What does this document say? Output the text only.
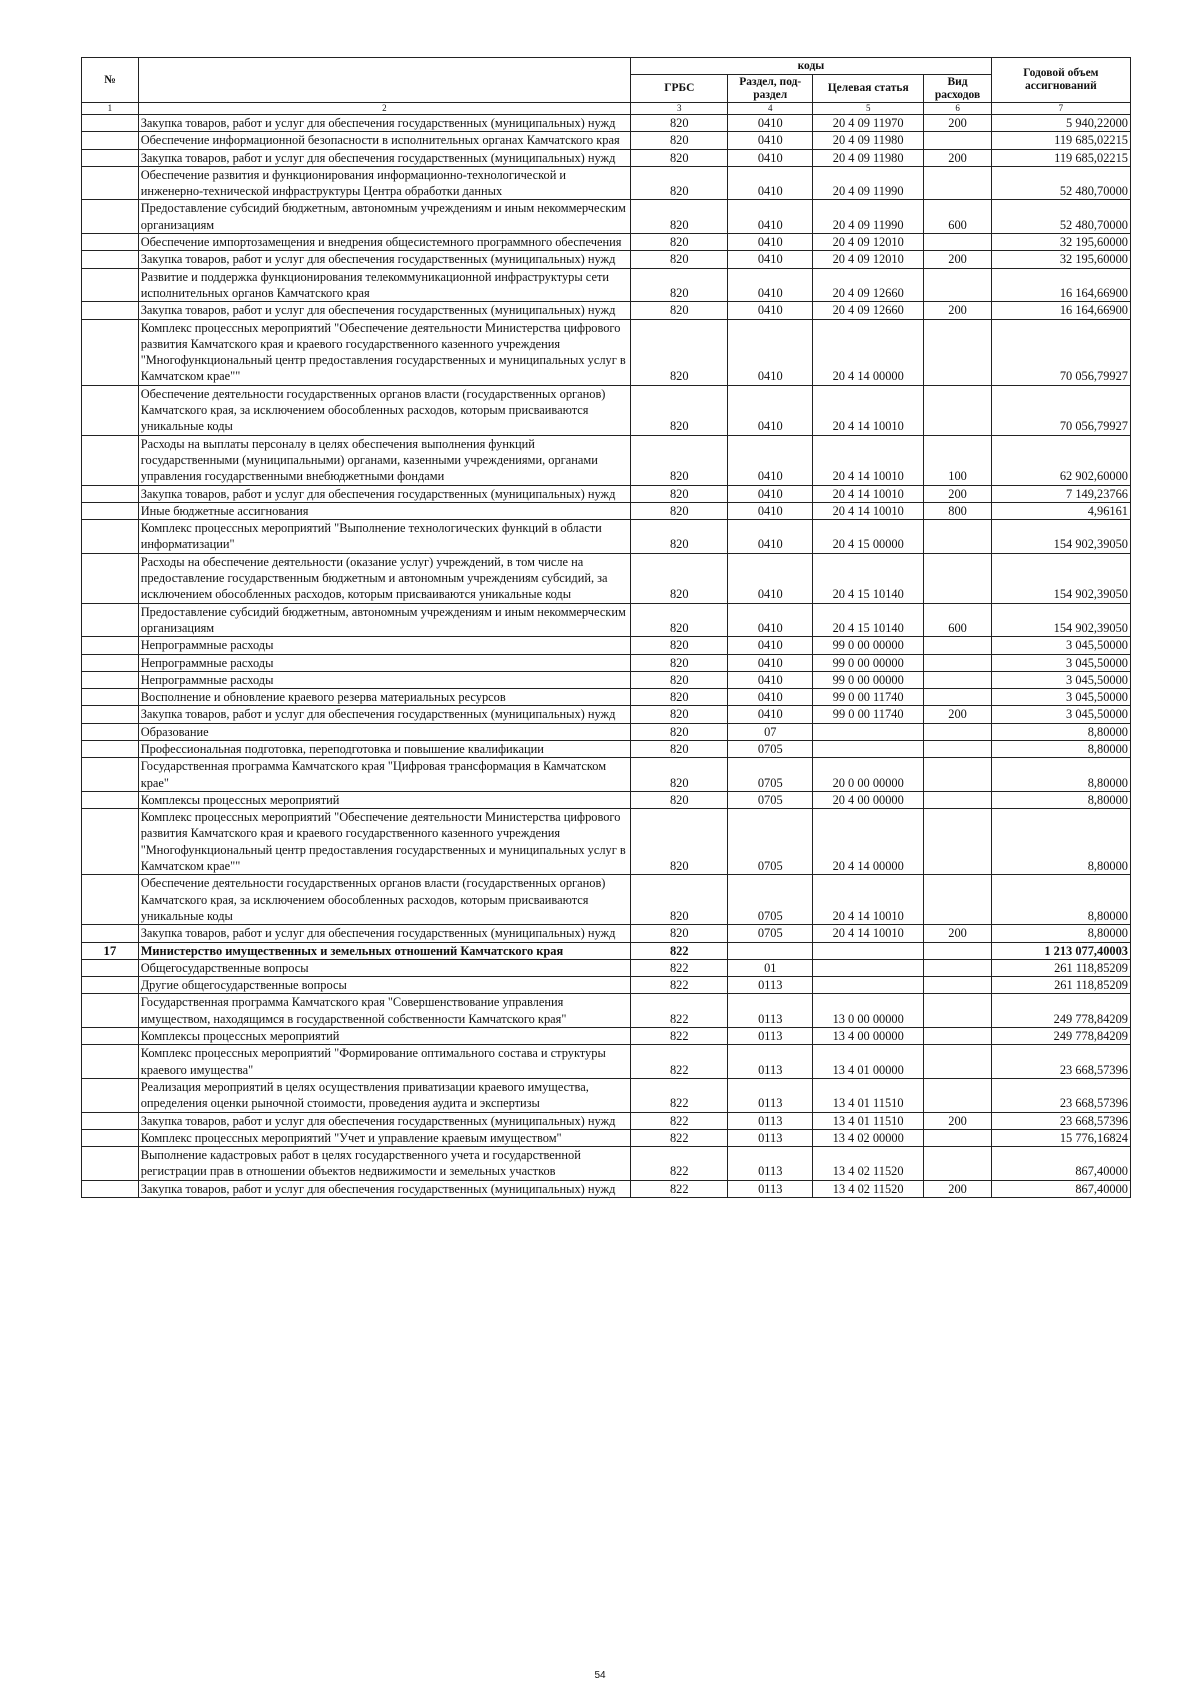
№		коды				Годовой объем ассигнований
		ГРБС	Раздел, под-раздел	Целевая статья	Вид расходов	
1	2	3	4	5	6	7
	Закупка товаров, работ и услуг для обеспечения государственных (муниципальных) нужд	820	0410	20 4 09 11970	200	5 940,22000
	Обеспечение информационной безопасности в исполнительных органах Камчатского края	820	0410	20 4 09 11980		119 685,02215
	Закупка товаров, работ и услуг для обеспечения государственных (муниципальных) нужд	820	0410	20 4 09 11980	200	119 685,02215
	Обеспечение развития и функционирования информационно-технологической и инженерно-технической инфраструктуры Центра обработки данных	820	0410	20 4 09 11990		52 480,70000
	Предоставление субсидий бюджетным, автономным учреждениям и иным некоммерческим организациям	820	0410	20 4 09 11990	600	52 480,70000
	Обеспечение импортозамещения и внедрения общесистемного программного обеспечения	820	0410	20 4 09 12010		32 195,60000
	Закупка товаров, работ и услуг для обеспечения государственных (муниципальных) нужд	820	0410	20 4 09 12010	200	32 195,60000
	Развитие и поддержка функционирования телекоммуникационной инфраструктуры сети исполнительных органов Камчатского края	820	0410	20 4 09 12660		16 164,66900
	Закупка товаров, работ и услуг для обеспечения государственных (муниципальных) нужд	820	0410	20 4 09 12660	200	16 164,66900
	Комплекс процессных мероприятий "Обеспечение деятельности Министерства цифрового развития Камчатского края и краевого государственного казенного учреждения "Многофункциональный центр предоставления государственных и муниципальных услуг в Камчатском крае""	820	0410	20 4 14 00000		70 056,79927
	Обеспечение деятельности государственных органов власти (государственных органов) Камчатского края, за исключением обособленных расходов, которым присваиваются уникальные коды	820	0410	20 4 14 10010		70 056,79927
	Расходы на выплаты персоналу в целях обеспечения выполнения функций государственными (муниципальными) органами, казенными учреждениями, органами управления государственными внебюджетными фондами	820	0410	20 4 14 10010	100	62 902,60000
	Закупка товаров, работ и услуг для обеспечения государственных (муниципальных) нужд	820	0410	20 4 14 10010	200	7 149,23766
	Иные бюджетные ассигнования	820	0410	20 4 14 10010	800	4,96161
	Комплекс процессных мероприятий "Выполнение технологических функций в области информатизации"	820	0410	20 4 15 00000		154 902,39050
	Расходы на обеспечение деятельности (оказание услуг) учреждений, в том числе на предоставление государственным бюджетным и автономным учреждениям субсидий, за исключением обособленных расходов, которым присваиваются уникальные коды	820	0410	20 4 15 10140		154 902,39050
	Предоставление субсидий бюджетным, автономным учреждениям и иным некоммерческим организациям	820	0410	20 4 15 10140	600	154 902,39050
	Непрограммные расходы	820	0410	99 0 00 00000		3 045,50000
	Непрограммные расходы	820	0410	99 0 00 00000		3 045,50000
	Непрограммные расходы	820	0410	99 0 00 00000		3 045,50000
	Восполнение и обновление краевого резерва материальных ресурсов	820	0410	99 0 00 11740		3 045,50000
	Закупка товаров, работ и услуг для обеспечения государственных (муниципальных) нужд	820	0410	99 0 00 11740	200	3 045,50000
	Образование	820	07			8,80000
	Профессиональная подготовка, переподготовка и повышение квалификации	820	0705			8,80000
	Государственная программа Камчатского края "Цифровая трансформация в Камчатском крае"	820	0705	20 0 00 00000		8,80000
	Комплексы процессных мероприятий	820	0705	20 4 00 00000		8,80000
	Комплекс процессных мероприятий "Обеспечение деятельности Министерства цифрового развития Камчатского края и краевого государственного казенного учреждения "Многофункциональный центр предоставления государственных и муниципальных услуг в Камчатском крае""	820	0705	20 4 14 00000		8,80000
	Обеспечение деятельности государственных органов власти (государственных органов) Камчатского края, за исключением обособленных расходов, которым присваиваются уникальные коды	820	0705	20 4 14 10010		8,80000
	Закупка товаров, работ и услуг для обеспечения государственных (муниципальных) нужд	820	0705	20 4 14 10010	200	8,80000
17	Министерство имущественных и земельных отношений Камчатского края	822				1 213 077,40003
	Общегосударственные вопросы	822	01			261 118,85209
	Другие общегосударственные вопросы	822	0113			261 118,85209
	Государственная программа Камчатского края "Совершенствование управления имуществом, находящимся в государственной собственности Камчатского края"	822	0113	13 0 00 00000		249 778,84209
	Комплексы процессных мероприятий	822	0113	13 4 00 00000		249 778,84209
	Комплекс процессных мероприятий "Формирование оптимального состава и структуры краевого имущества"	822	0113	13 4 01 00000		23 668,57396
	Реализация мероприятий в целях осуществления приватизации краевого имущества, определения оценки рыночной стоимости, проведения аудита и экспертизы	822	0113	13 4 01 11510		23 668,57396
	Закупка товаров, работ и услуг для обеспечения государственных (муниципальных) нужд	822	0113	13 4 01 11510	200	23 668,57396
	Комплекс процессных мероприятий "Учет и управление краевым имуществом"	822	0113	13 4 02 00000		15 776,16824
	Выполнение кадастровых работ в целях государственного учета и государственной регистрации прав в отношении объектов недвижимости и земельных участков	822	0113	13 4 02 11520		867,40000
	Закупка товаров, работ и услуг для обеспечения государственных (муниципальных) нужд	822	0113	13 4 02 11520	200	867,40000
54
